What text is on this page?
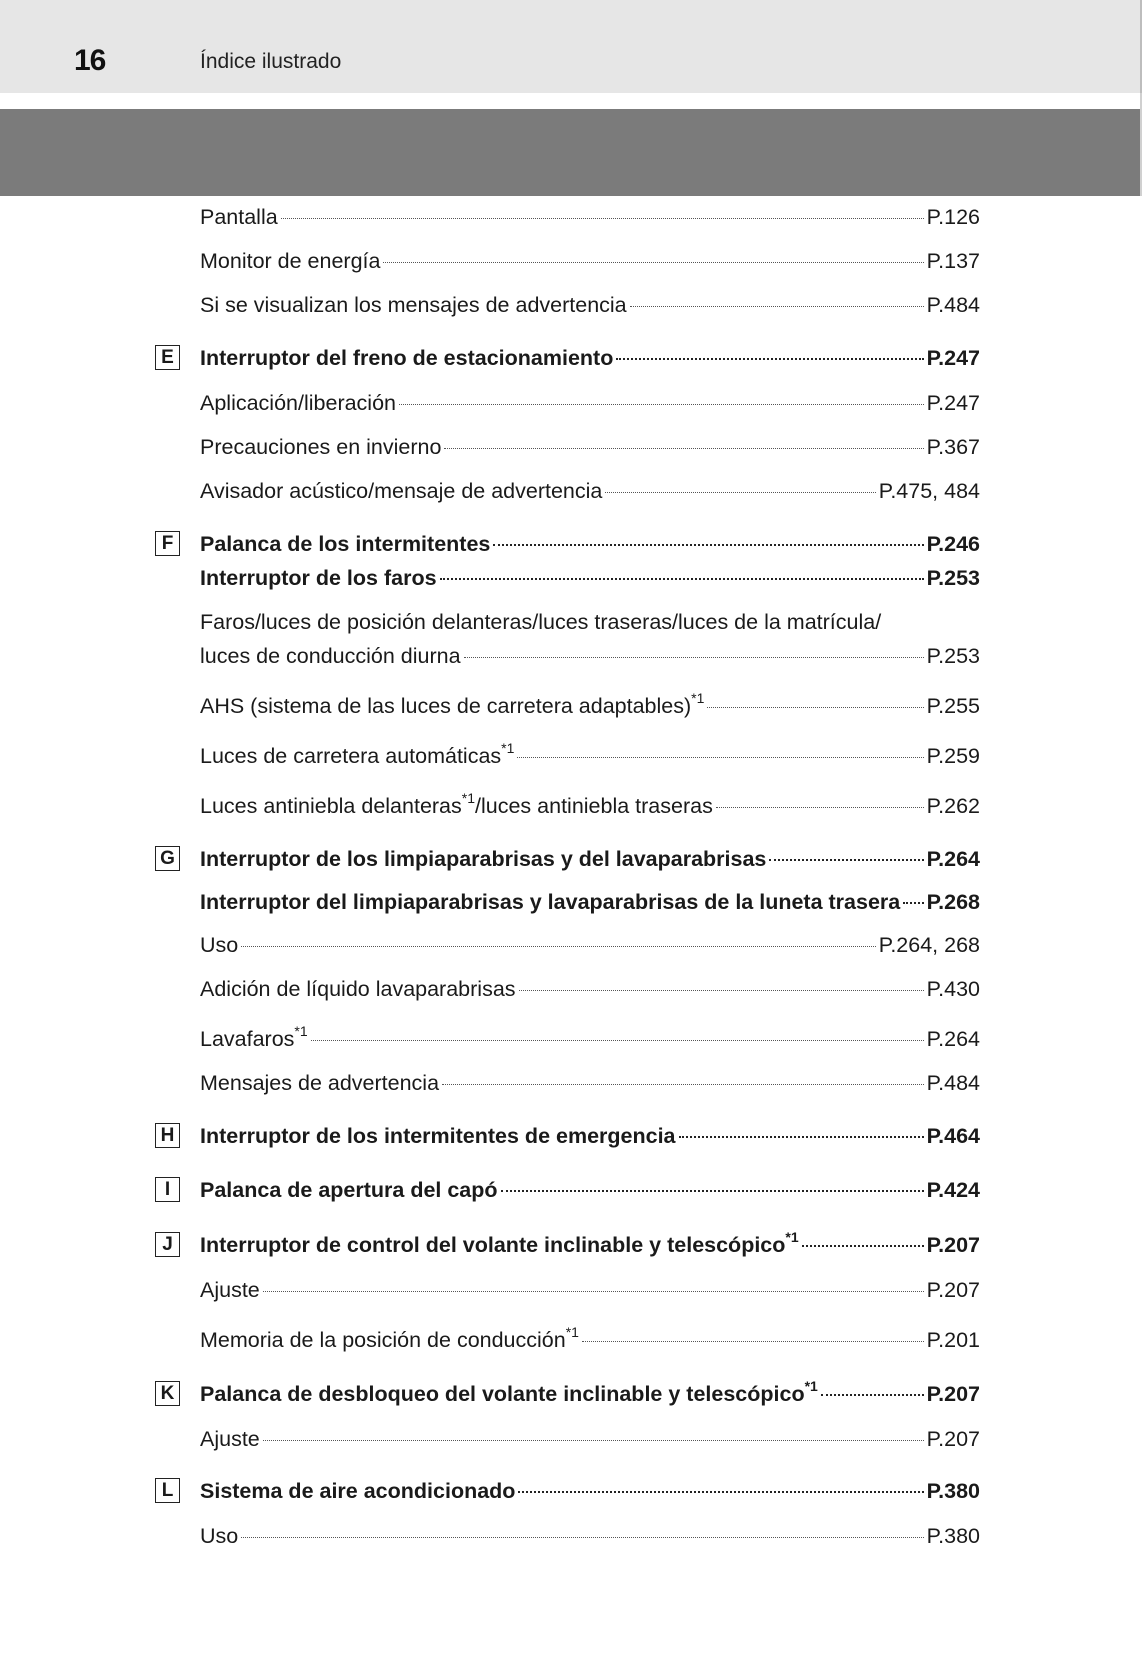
16	Índice ilustrado
Pantalla	P.126
Monitor de energía	P.137
Si se visualizan los mensajes de advertencia	P.484
E Interruptor del freno de estacionamiento	P.247
Aplicación/liberación	P.247
Precauciones en invierno	P.367
Avisador acústico/mensaje de advertencia	P.475, 484
F	Palanca de los intermitentes	P.246
Interruptor de los faros	P.253
Faros/luces de posición delanteras/luces traseras/luces de la matrícula/
luces de conducción diurna	P.253
AHS (sistema de las luces de carretera adaptables)$^{*1}$	P.255
Luces de carretera automáticas$^{*1}$	P.259
Luces antiniebla delanteras$^{*1}$/luces antiniebla traseras	P.262
G Interruptor de los limpiaparabrisas y del lavaparabrisas	P.264
Interruptor del limpiaparabrisas y lavaparabrisas de la luneta trasera P.268
Uso	P.264, 268
Adición de líquido lavaparabrisas	P.430
Lavafaros$^{*1}$	P.264
Mensajes de advertencia	P.484
H Interruptor de los intermitentes de emergencia	P.464
I	Palanca de apertura del capó	P.424
J	Interruptor de control del volante inclinable y telescópico$^{*1}$	P.207
Ajuste	P.207
Memoria de la posición de conducción$^{*1}$	P.201
K Palanca de desbloqueo del volante inclinable y telescópico$^{*1}$	P.207
Ajuste	P.207
L	Sistema de aire acondicionado	P.380
Uso	P.380
